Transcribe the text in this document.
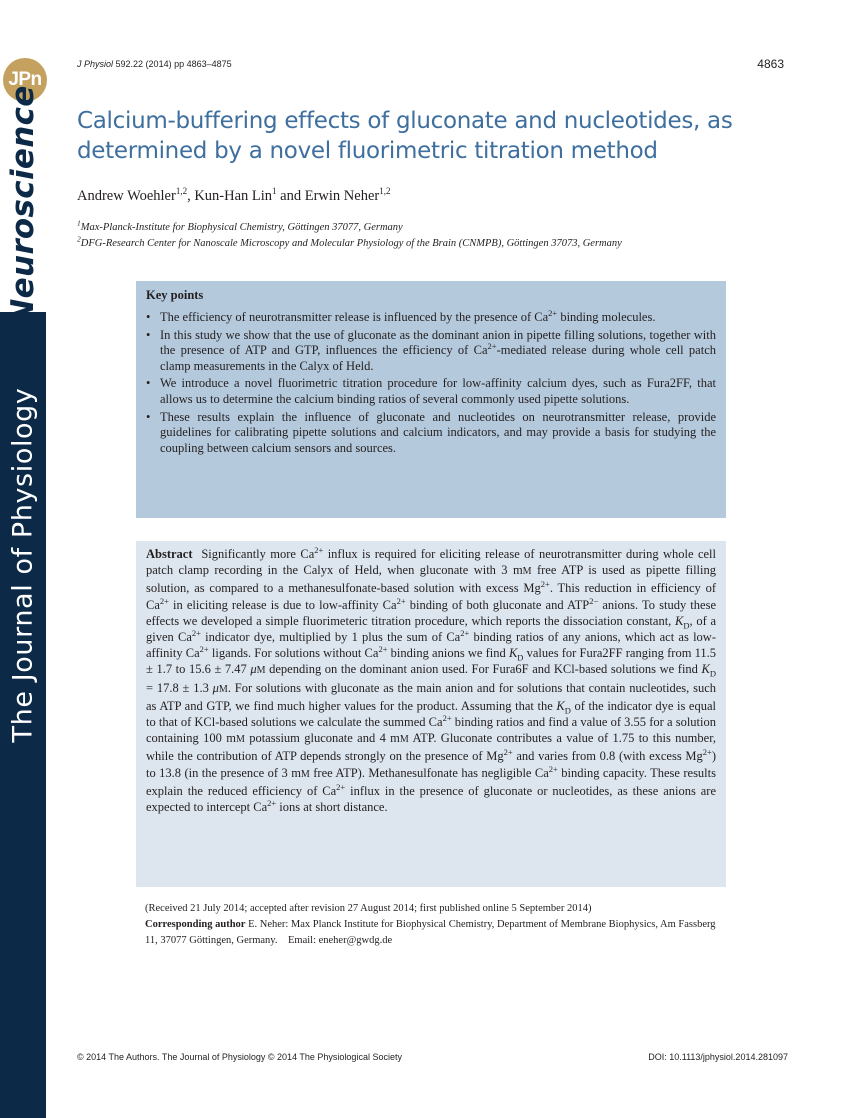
JPn
Neuroscience
The Journal of Physiology
J Physiol 592.22 (2014) pp 4863–4875	4863
Calcium-buffering effects of gluconate and nucleotides, as determined by a novel fluorimetric titration method
Andrew Woehler$^{1,2}$, Kun-Han Lin$^1$ and Erwin Neher$^{1,2}$
$^1$Max-Planck-Institute for Biophysical Chemistry, Göttingen 37077, Germany
$^2$DFG-Research Center for Nanoscale Microscopy and Molecular Physiology of the Brain (CNMPB), Göttingen 37073, Germany
Key points
• The efficiency of neurotransmitter release is influenced by the presence of $Ca^{2+}$ binding molecules.
• In this study we show that the use of gluconate as the dominant anion in pipette filling solutions, together with the presence of ATP and GTP, influences the efficiency of $Ca^{2+}$-mediated release during whole cell patch clamp measurements in the Calyx of Held.
• We introduce a novel fluorimetric titration procedure for low-affinity calcium dyes, such as Fura2FF, that allows us to determine the calcium binding ratios of several commonly used pipette solutions.
• These results explain the influence of gluconate and nucleotides on neurotransmitter release, provide guidelines for calibrating pipette solutions and calcium indicators, and may provide a basis for studying the coupling between calcium sensors and sources.
Abstract Significantly more $Ca^{2+}$ influx is required for eliciting release of neurotransmitter during whole cell patch clamp recording in the Calyx of Held, when gluconate with 3 mM free ATP is used as pipette filling solution, as compared to a methanesulfonate-based solution with excess $Mg^{2+}$. This reduction in efficiency of $Ca^{2+}$ in eliciting release is due to low-affinity $Ca^{2+}$ binding of both gluconate and $ATP^{2-}$ anions. To study these effects we developed a simple fluorimeteric titration procedure, which reports the dissociation constant, $K_D$, of a given $Ca^{2+}$ indicator dye, multiplied by 1 plus the sum of $Ca^{2+}$ binding ratios of any anions, which act as low-affinity $Ca^{2+}$ ligands. For solutions without $Ca^{2+}$ binding anions we find $K_D$ values for Fura2FF ranging from 11.5 ± 1.7 to 15.6 ± 7.47 μM depending on the dominant anion used. For Fura6F and KCl-based solutions we find $K_D = 17.8 \pm 1.3$ μM. For solutions with gluconate as the main anion and for solutions that contain nucleotides, such as ATP and GTP, we find much higher values for the product. Assuming that the $K_D$ of the indicator dye is equal to that of KCl-based solutions we calculate the summed $Ca^{2+}$ binding ratios and find a value of 3.55 for a solution containing 100 mM potassium gluconate and 4 mM ATP. Gluconate contributes a value of 1.75 to this number, while the contribution of ATP depends strongly on the presence of $Mg^{2+}$ and varies from 0.8 (with excess $Mg^{2+}$) to 13.8 (in the presence of 3 mM free ATP). Methanesulfonate has negligible $Ca^{2+}$ binding capacity. These results explain the reduced efficiency of $Ca^{2+}$ influx in the presence of gluconate or nucleotides, as these anions are expected to intercept $Ca^{2+}$ ions at short distance.
(Received 21 July 2014; accepted after revision 27 August 2014; first published online 5 September 2014)
Corresponding author E. Neher: Max Planck Institute for Biophysical Chemistry, Department of Membrane Biophysics, Am Fassberg 11, 37077 Göttingen, Germany.    Email: eneher@gwdg.de
© 2014 The Authors. The Journal of Physiology © 2014 The Physiological Society	DOI: 10.1113/jphysiol.2014.281097
